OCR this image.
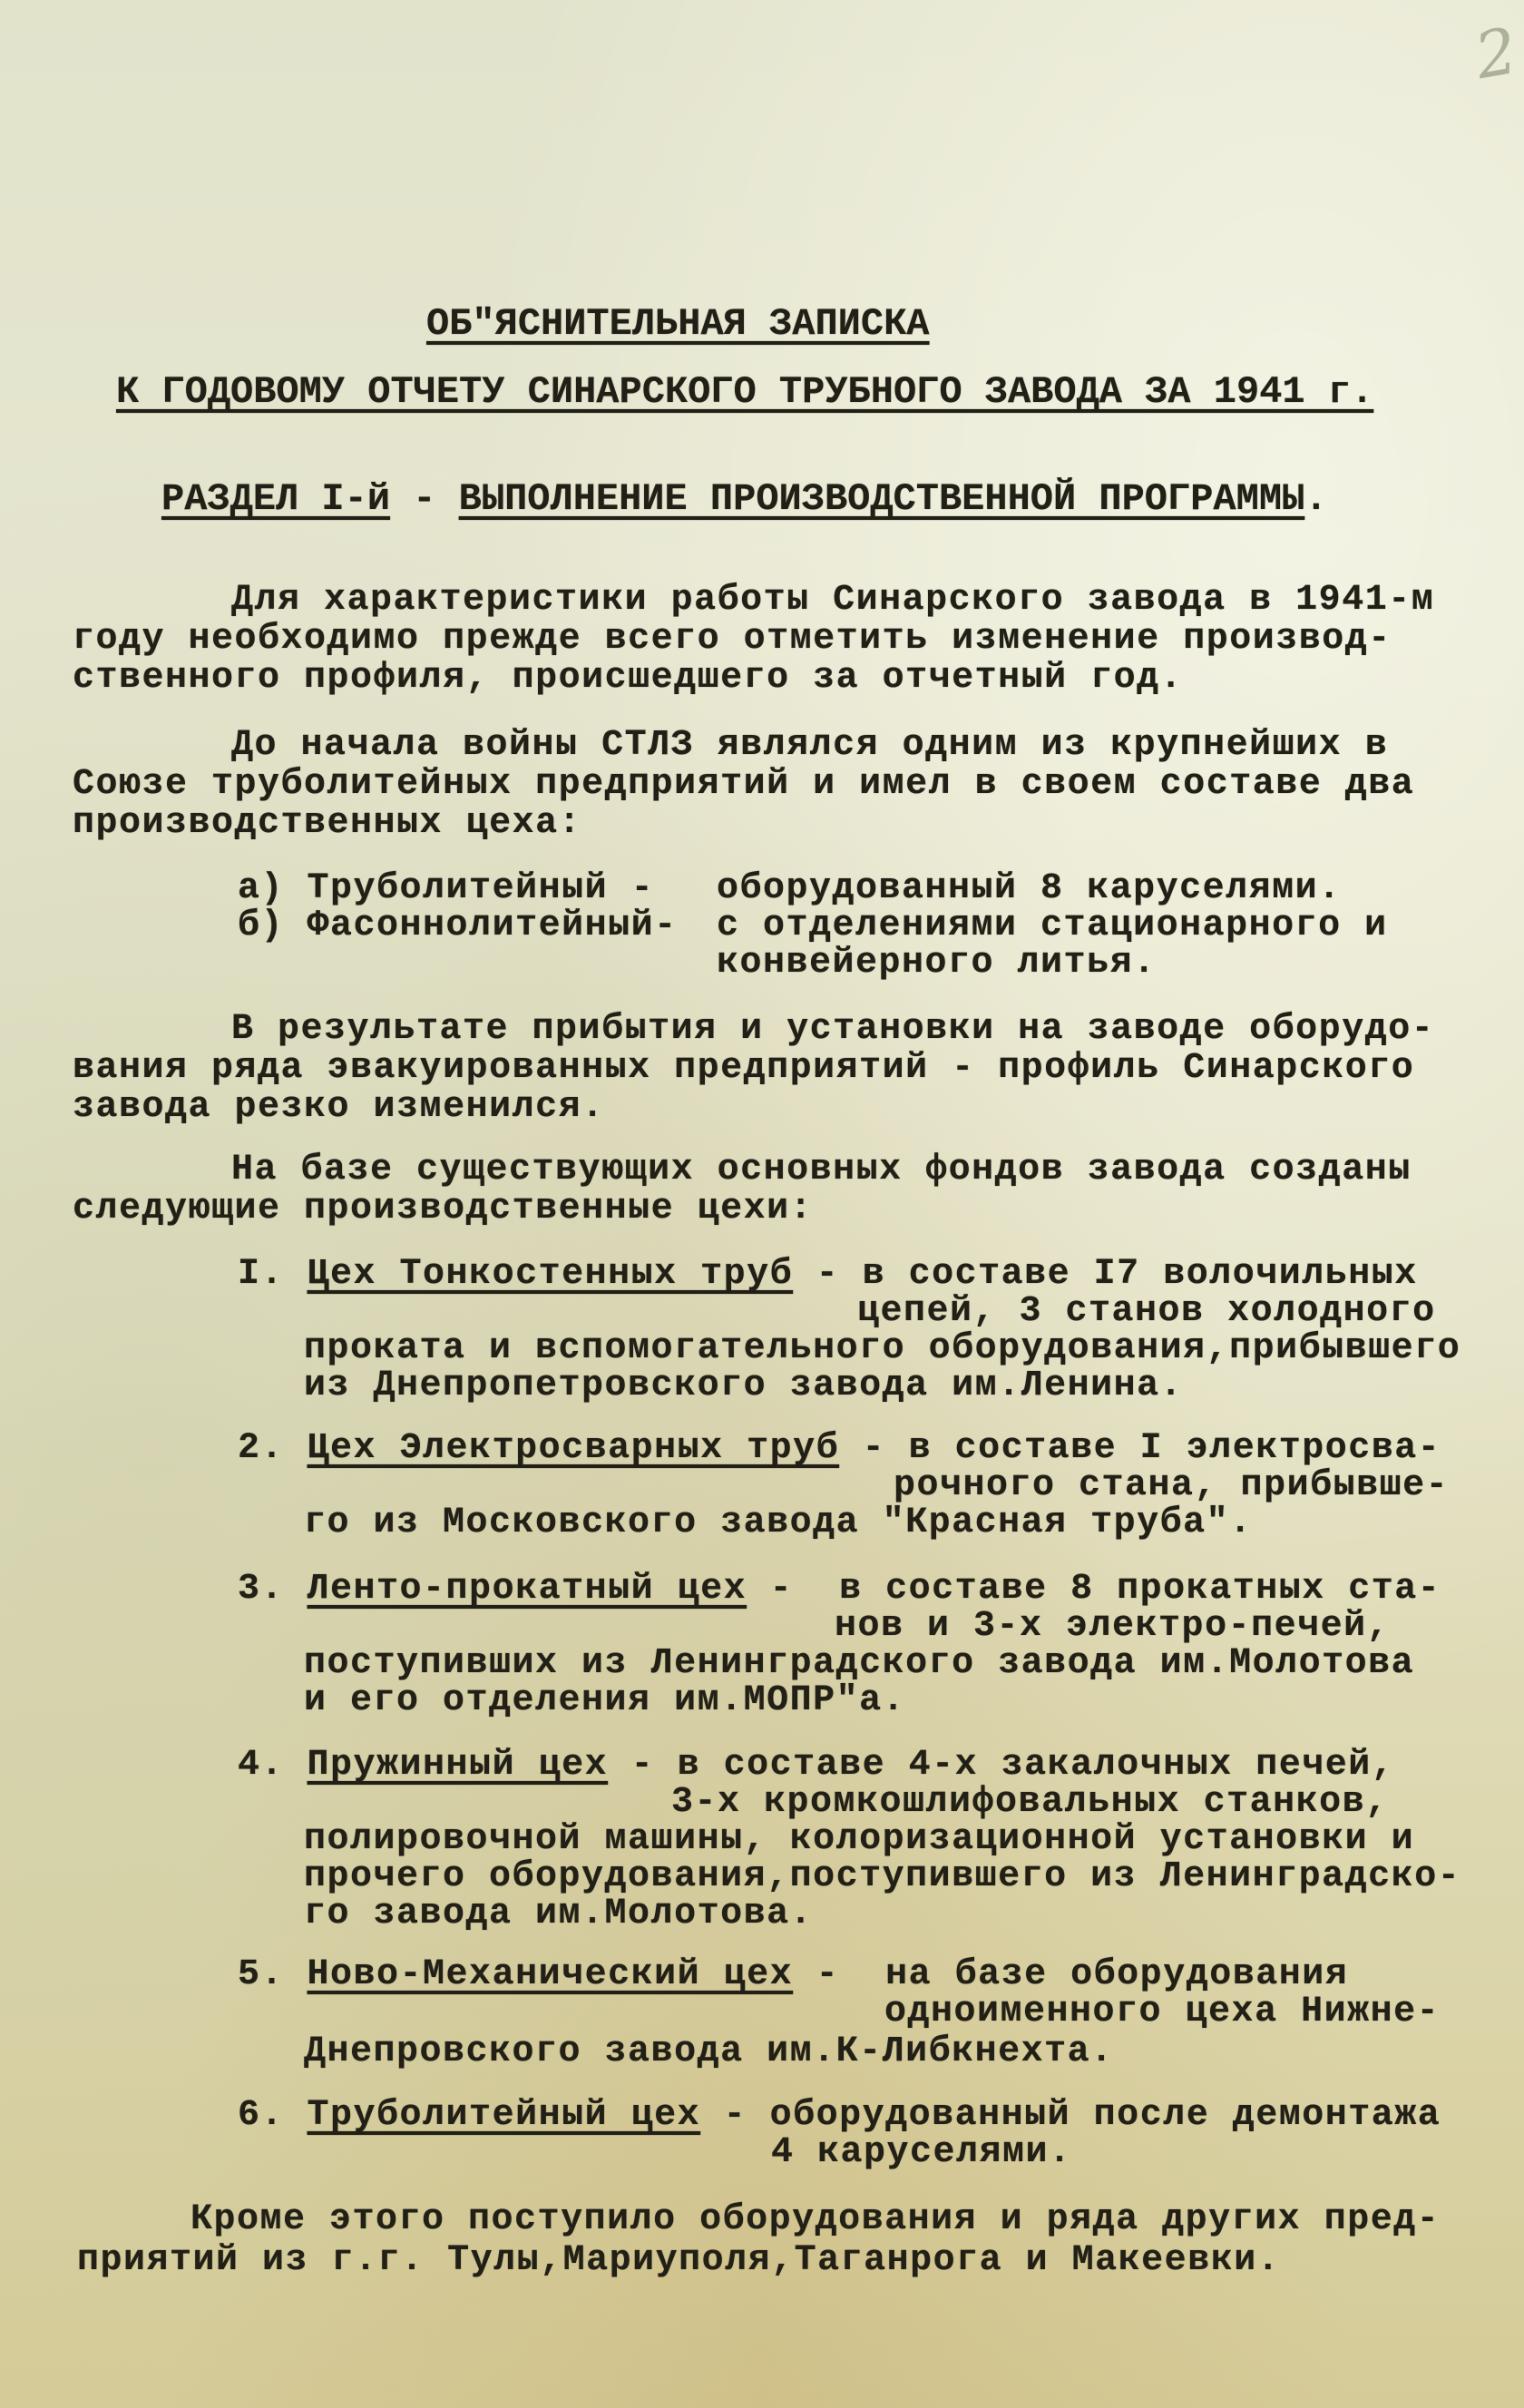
2
ОБ"ЯСНИТЕЛЬНАЯ ЗАПИСКА
К ГОДОВОМУ ОТЧЕТУ СИНАРСКОГО ТРУБНОГО ЗАВОДА ЗА 1941 г.
РАЗДЕЛ I-й - ВЫПОЛНЕНИЕ ПРОИЗВОДСТВЕННОЙ ПРОГРАММЫ.
Для характеристики работы Синарского завода в 1941-м
году необходимо прежде всего отметить изменение производ-
ственного профиля, происшедшего за отчетный год.
До начала войны СТЛЗ являлся одним из крупнейших в
Союзе труболитейных предприятий и имел в своем составе два
производственных цеха:
а) Труболитейный - оборудованный 8 каруселями.
б) Фасоннолитейный- с отделениями стационарного и
конвейерного литья.
В результате прибытия и установки на заводе оборудо-
вания ряда эвакуированных предприятий - профиль Синарского
завода резко изменился.
На базе существующих основных фондов завода созданы
следующие производственные цехи:
I. Цех Тонкостенных труб - в составе I7 волочильных
цепей, 3 станов холодного
проката и вспомогательного оборудования,прибывшего
из Днепропетровского завода им.Ленина.
2. Цех Электросварных труб - в составе I электросва-
рочного стана, прибывше-
го из Московского завода "Красная труба".
3. Ленто-прокатный цех -  в составе 8 прокатных ста-
нов и 3-х электро-печей,
поступивших из Ленинградского завода им.Молотова
и его отделения им.МОПР"а.
4. Пружинный цех - в составе 4-х закалочных печей,
3-х кромкошлифовальных станков,
полировочной машины, колоризационной установки и
прочего оборудования,поступившего из Ленинградско-
го завода им.Молотова.
5. Ново-Механический цех -  на базе оборудования
одноименного цеха Нижне-
Днепровского завода им.К-Либкнехта.
6. Труболитейный цех - оборудованный после демонтажа
4 каруселями.
Кроме этого поступило оборудования и ряда других пред-
приятий из г.г. Тулы,Мариуполя,Таганрога и Макеевки.
